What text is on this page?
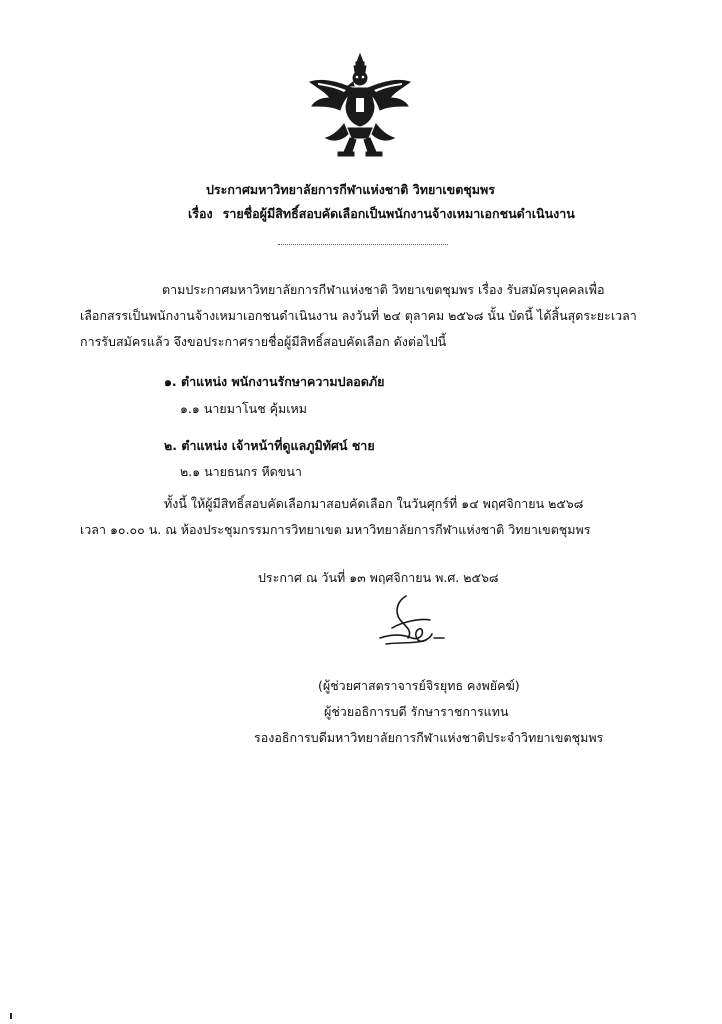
ประกาศมหาวิทยาลัยการกีฬาแห่งชาติ วิทยาเขตชุมพร
เรื่อง รายชื่อผู้มีสิทธิ์สอบคัดเลือกเป็นพนักงานจ้างเหมาเอกชนดำเนินงาน
ตามประกาศมหาวิทยาลัยการกีฬาแห่งชาติ วิทยาเขตชุมพร เรื่อง รับสมัครบุคคลเพื่อ
เลือกสรรเป็นพนักงานจ้างเหมาเอกชนดำเนินงาน ลงวันที่ ๒๔ ตุลาคม ๒๕๖๘ นั้น บัดนี้ ได้สิ้นสุดระยะเวลา
การรับสมัครแล้ว จึงขอประกาศรายชื่อผู้มีสิทธิ์สอบคัดเลือก ดังต่อไปนี้
๑. ตำแหน่ง พนักงานรักษาความปลอดภัย
๑.๑ นายมาโนช คุ้มเหม
๒. ตำแหน่ง เจ้าหน้าที่ดูแลภูมิทัศน์ ชาย
๒.๑ นายธนกร หีดขนา
ทั้งนี้ ให้ผู้มีสิทธิ์สอบคัดเลือกมาสอบคัดเลือก ในวันศุกร์ที่ ๑๔ พฤศจิกายน ๒๕๖๘
เวลา ๑๐.๐๐ น. ณ ห้องประชุมกรรมการวิทยาเขต มหาวิทยาลัยการกีฬาแห่งชาติ วิทยาเขตชุมพร
ประกาศ ณ วันที่ ๑๓ พฤศจิกายน พ.ศ. ๒๕๖๘
(ผู้ช่วยศาสตราจารย์จิรยุทธ คงพยัคฆ์)
ผู้ช่วยอธิการบดี รักษาราชการแทน
รองอธิการบดีมหาวิทยาลัยการกีฬาแห่งชาติประจำวิทยาเขตชุมพร
